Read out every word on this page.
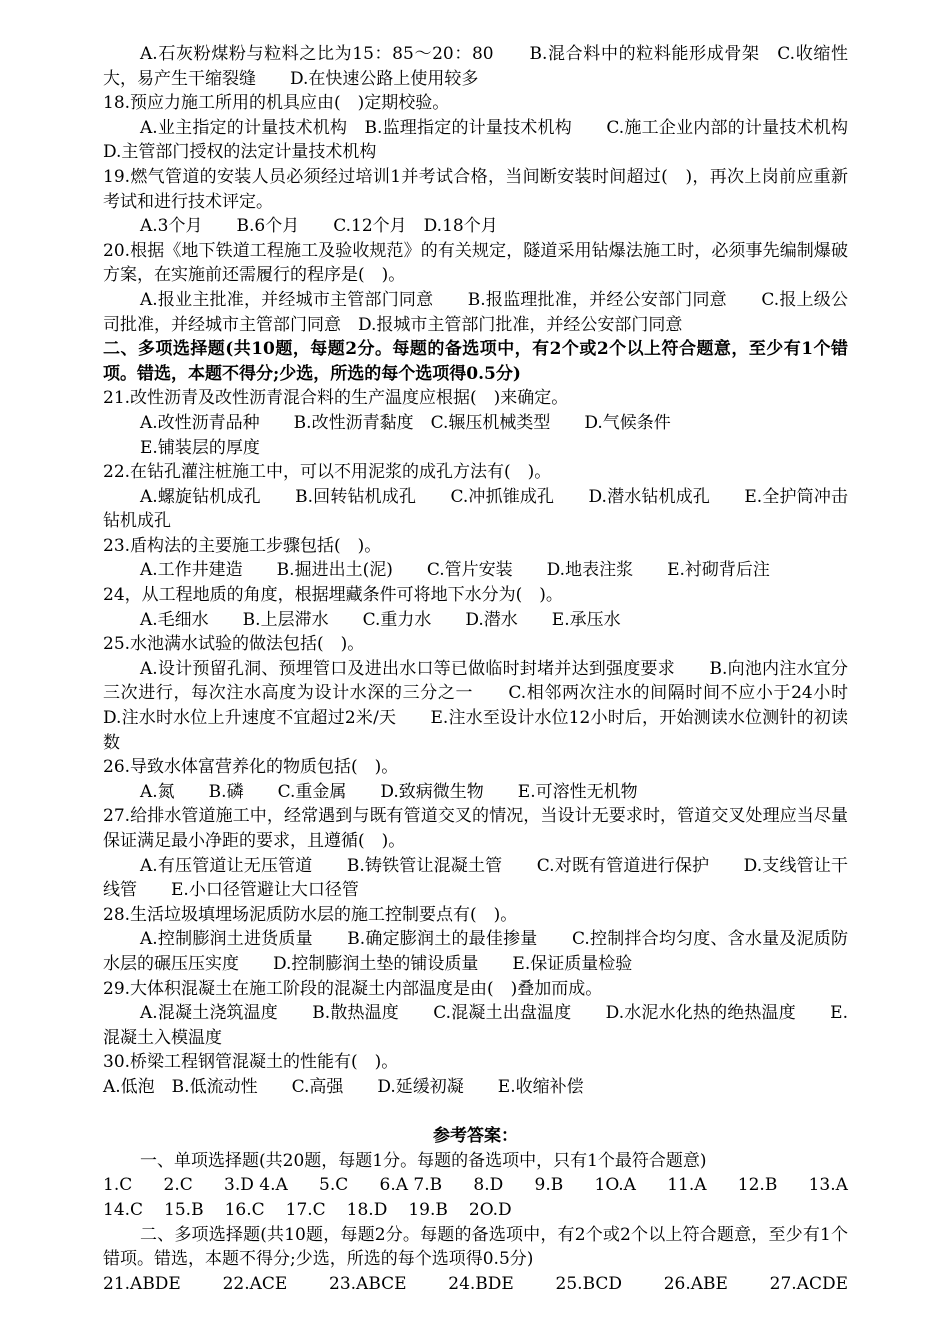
A.石灰粉煤粉与粒料之比为15：85～20：80　　B.混合料中的粒料能形成骨架　C.收缩性大，易产生干缩裂缝　　D.在快速公路上使用较多

18.预应力施工所用的机具应由(　)定期校验。

A.业主指定的计量技术机构　B.监理指定的计量技术机构　　C.施工企业内部的计量技术机构　　D.主管部门授权的法定计量技术机构

19.燃气管道的安装人员必须经过培训1并考试合格，当间断安装时间超过(　)，再次上岗前应重新考试和进行技术评定。

A.3个月　　B.6个月　　C.12个月　D.18个月

20.根据《地下铁道工程施工及验收规范》的有关规定，隧道采用钻爆法施工时，必须事先编制爆破方案，在实施前还需履行的程序是(　)。

A.报业主批准，并经城市主管部门同意　　B.报监理批准，并经公安部门同意　　C.报上级公司批准，并经城市主管部门同意　D.报城市主管部门批准，并经公安部门同意

二、多项选择题(共10题，每题2分。每题的备选项中，有2个或2个以上符合题意，至少有1个错项。错选，本题不得分;少选，所选的每个选项得0.5分)

21.改性沥青及改性沥青混合料的生产温度应根据(　)来确定。

A.改性沥青品种　　B.改性沥青黏度　C.辗压机械类型　　D.气候条件

E.铺装层的厚度

22.在钻孔灌注桩施工中，可以不用泥浆的成孔方法有(　)。

A.螺旋钻机成孔　　B.回转钻机成孔　　C.冲抓锥成孔　　D.潜水钻机成孔　　E.全护筒冲击钻机成孔

23.盾构法的主要施工步骤包括(　)。

A.工作井建造　　B.掘进出土(泥)　　C.管片安装　　D.地表注浆　　E.衬砌背后注

24，从工程地质的角度，根据埋藏条件可将地下水分为(　)。

A.毛细水　　B.上层滞水　　C.重力水　　D.潜水　　E.承压水

25.水池满水试验的做法包括(　)。

A.设计预留孔洞、预埋管口及进出水口等已做临时封堵并达到强度要求　　B.向池内注水宜分三次进行，每次注水高度为设计水深的三分之一　　C.相邻两次注水的间隔时间不应小于24小时　　D.注水时水位上升速度不宜超过2米/天　　E.注水至设计水位12小时后，开始测读水位测针的初读数

26.导致水体富营养化的物质包括(　)。

A.氮　　B.磷　　C.重金属　　D.致病微生物　　E.可溶性无机物

27.给排水管道施工中，经常遇到与既有管道交叉的情况，当设计无要求时，管道交叉处理应当尽量保证满足最小净距的要求，且遵循(　)。

A.有压管道让无压管道　　B.铸铁管让混凝土管　　C.对既有管道进行保护　　D.支线管让干线管　　E.小口径管避让大口径管

28.生活垃圾填埋场泥质防水层的施工控制要点有(　)。

A.控制膨润土进货质量　　B.确定膨润土的最佳掺量　　C.控制拌合均匀度、含水量及泥质防水层的碾压压实度　　D.控制膨润土垫的铺设质量　　E.保证质量检验

29.大体积混凝土在施工阶段的混凝土内部温度是由(　)叠加而成。

A.混凝土浇筑温度　　B.散热温度　　C.混凝土出盘温度　　D.水泥水化热的绝热温度　　E.混凝土入模温度

30.桥梁工程钢管混凝土的性能有(　)。

A.低泡　B.低流动性　　C.高强　　D.延缓初凝　　E.收缩补偿

参考答案：

一、单项选择题(共20题，每题1分。每题的备选项中，只有1个最符合题意)

1.C 2.C 3.D 4.A 5.C 6.A 7.B 8.D 9.B 1O.A 11.A 12.B 13.A
14.C 15.B 16.C 17.C 18.D 19.B 2O.D

二、多项选择题(共10题，每题2分。每题的备选项中，有2个或2个以上符合题意，至少有1个错项。错选，本题不得分;少选，所选的每个选项得0.5分)

21.ABDE 22.ACE 23.ABCE 24.BDE 25.BCD 26.ABE 27.ACDE
